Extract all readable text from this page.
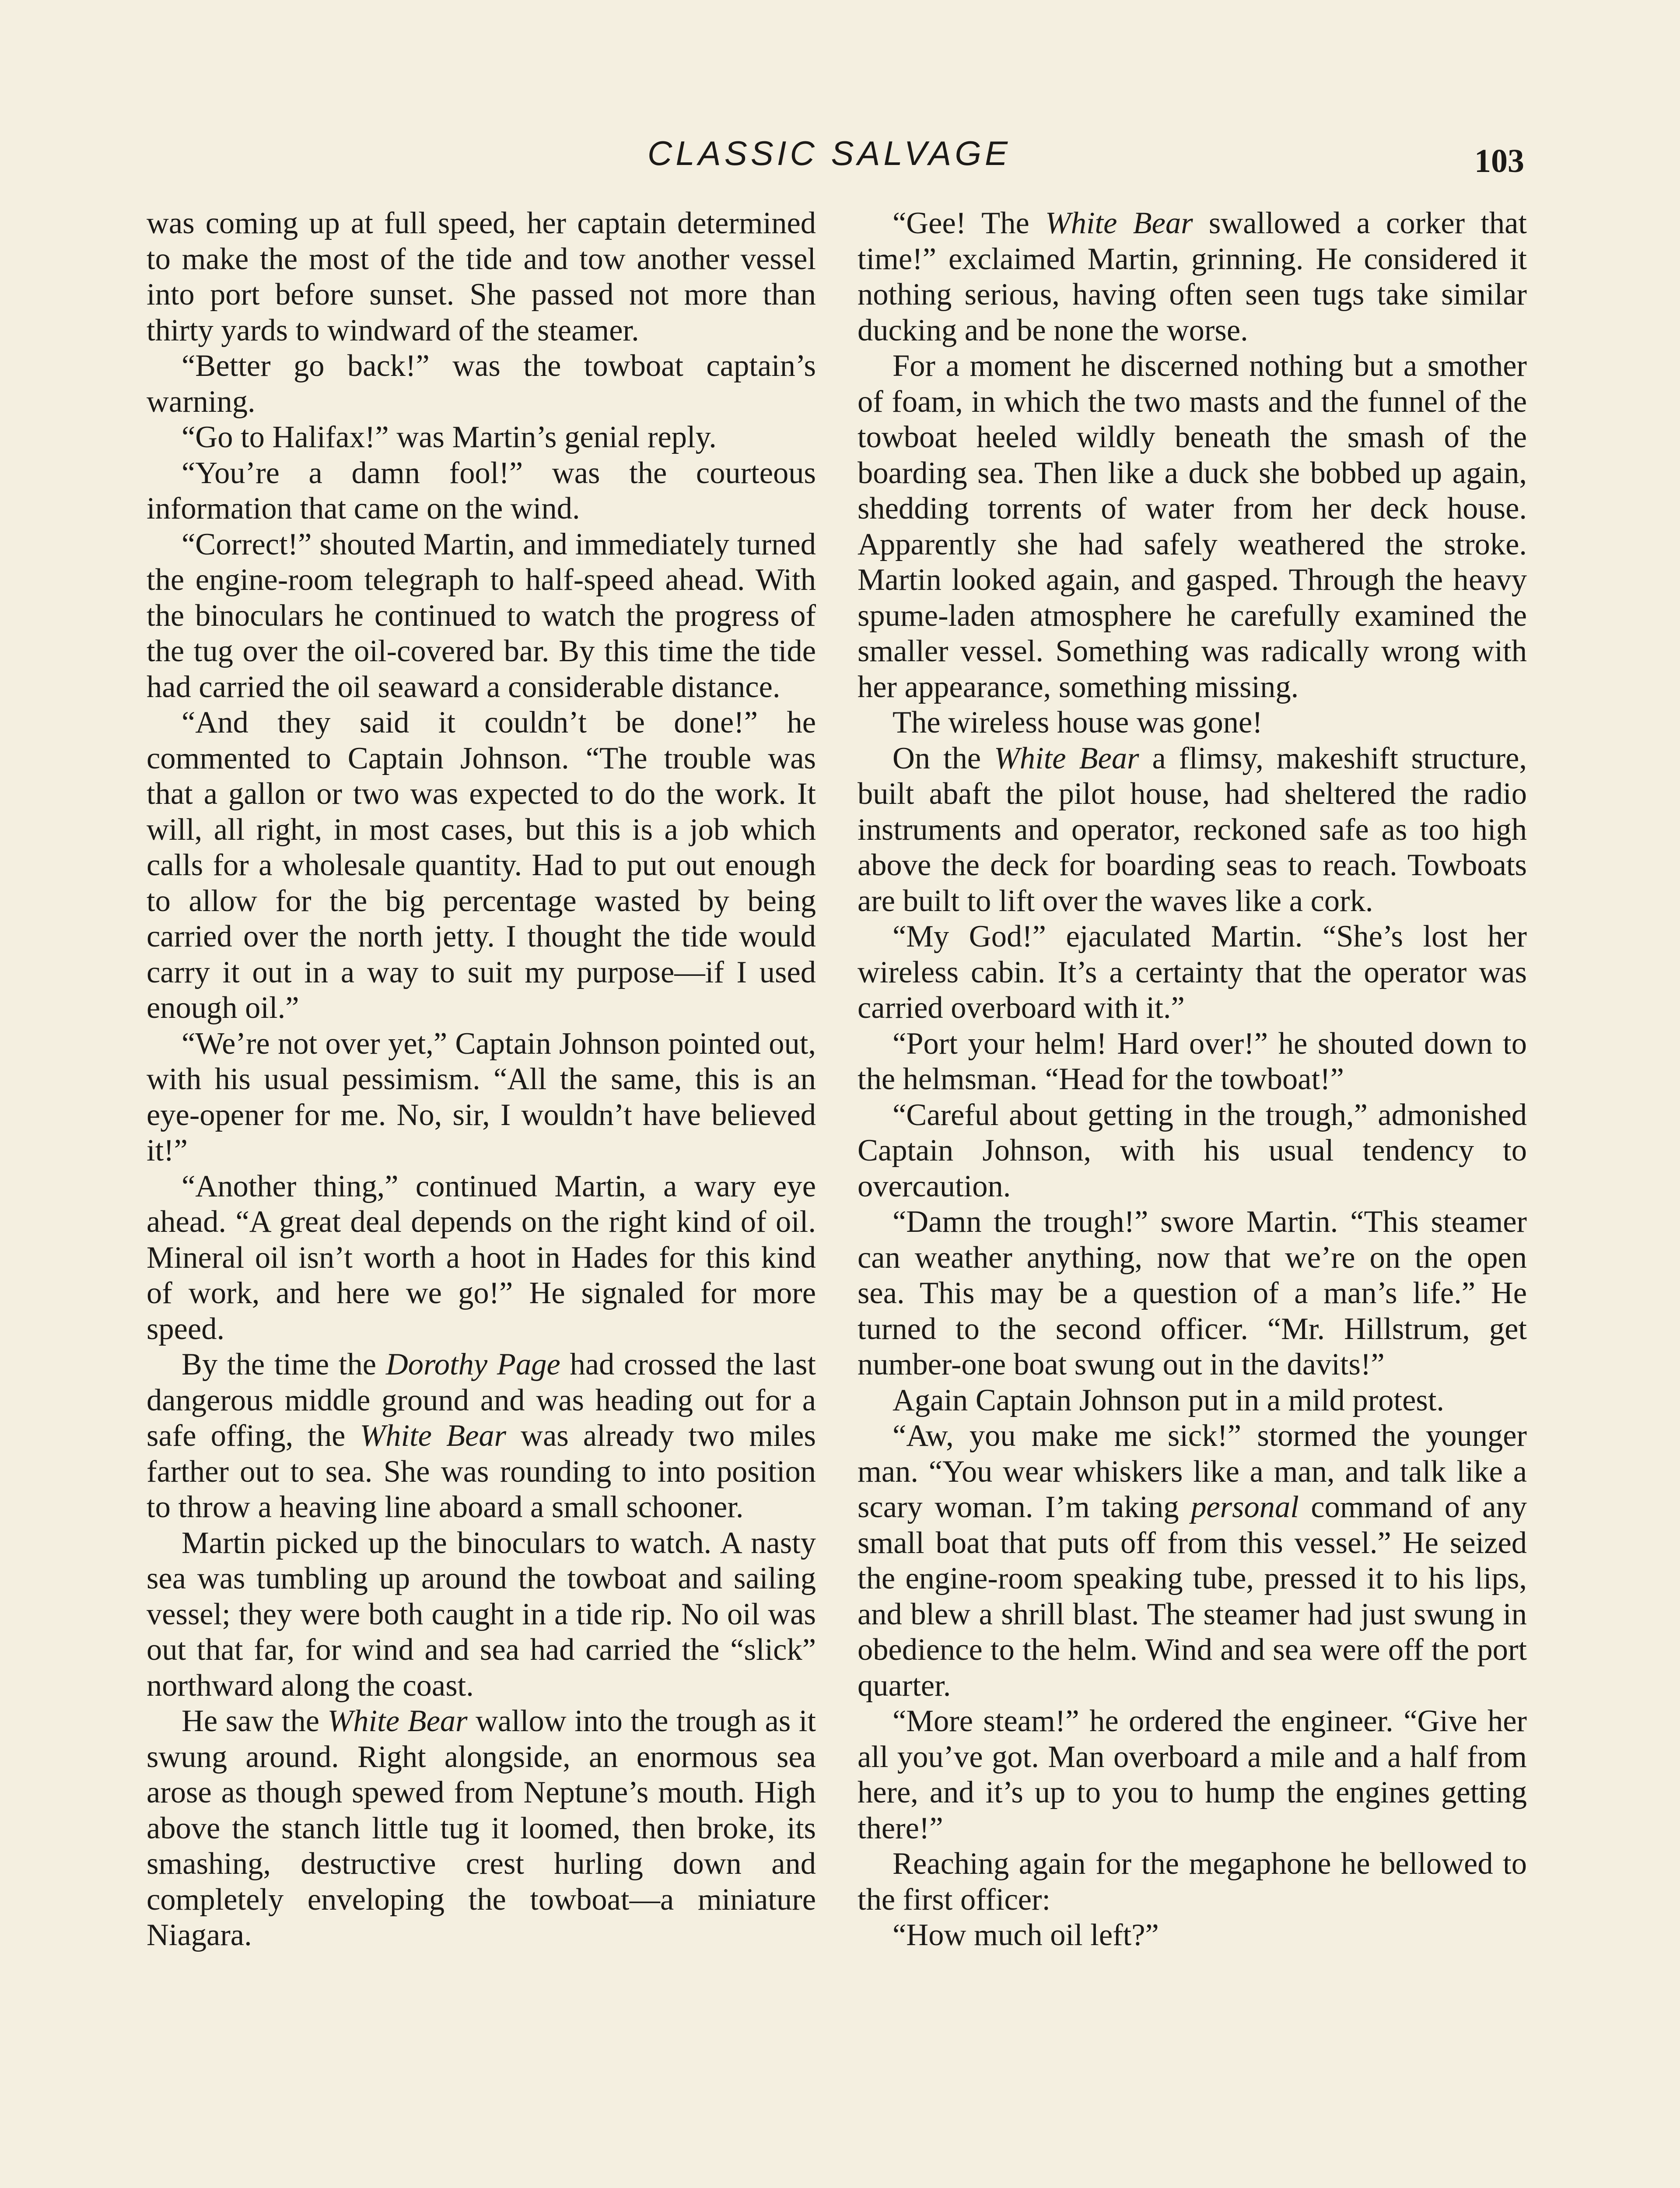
CLASSIC SALVAGE	103

was coming up at full speed, her captain determined to make the most of the tide and tow another vessel into port before sunset. She passed not more than thirty yards to windward of the steamer.

“Better go back!” was the towboat captain’s warning.

“Go to Halifax!” was Martin’s genial reply.

“You’re a damn fool!” was the courteous information that came on the wind.

“Correct!” shouted Martin, and immediately turned the engine-room telegraph to half-speed ahead. With the binoculars he continued to watch the progress of the tug over the oil-covered bar. By this time the tide had carried the oil seaward a considerable distance.

“And they said it couldn’t be done!” he commented to Captain Johnson. “The trouble was that a gallon or two was expected to do the work. It will, all right, in most cases, but this is a job which calls for a wholesale quantity. Had to put out enough to allow for the big percentage wasted by being carried over the north jetty. I thought the tide would carry it out in a way to suit my purpose—if I used enough oil.”

“We’re not over yet,” Captain Johnson pointed out, with his usual pessimism. “All the same, this is an eye-opener for me. No, sir, I wouldn’t have believed it!”

“Another thing,” continued Martin, a wary eye ahead. “A great deal depends on the right kind of oil. Mineral oil isn’t worth a hoot in Hades for this kind of work, and here we go!” He signaled for more speed.

By the time the Dorothy Page had crossed the last dangerous middle ground and was heading out for a safe offing, the White Bear was already two miles farther out to sea. She was rounding to into position to throw a heaving line aboard a small schooner.

Martin picked up the binoculars to watch. A nasty sea was tumbling up around the towboat and sailing vessel; they were both caught in a tide rip. No oil was out that far, for wind and sea had carried the “slick” northward along the coast.

He saw the White Bear wallow into the trough as it swung around. Right alongside, an enormous sea arose as though spewed from Neptune’s mouth. High above the stanch little tug it loomed, then broke, its smashing, destructive crest hurling down and completely enveloping the towboat—a miniature Niagara.

“Gee! The White Bear swallowed a corker that time!” exclaimed Martin, grinning. He considered it nothing serious, having often seen tugs take similar ducking and be none the worse.

For a moment he discerned nothing but a smother of foam, in which the two masts and the funnel of the towboat heeled wildly beneath the smash of the boarding sea. Then like a duck she bobbed up again, shedding torrents of water from her deck house. Apparently she had safely weathered the stroke. Martin looked again, and gasped. Through the heavy spume-laden atmosphere he carefully examined the smaller vessel. Something was radically wrong with her appearance, something missing.

The wireless house was gone!

On the White Bear a flimsy, makeshift structure, built abaft the pilot house, had sheltered the radio instruments and operator, reckoned safe as too high above the deck for boarding seas to reach. Towboats are built to lift over the waves like a cork.

“My God!” ejaculated Martin. “She’s lost her wireless cabin. It’s a certainty that the operator was carried overboard with it.”

“Port your helm! Hard over!” he shouted down to the helmsman. “Head for the towboat!”

“Careful about getting in the trough,” admonished Captain Johnson, with his usual tendency to overcaution.

“Damn the trough!” swore Martin. “This steamer can weather anything, now that we’re on the open sea. This may be a question of a man’s life.” He turned to the second officer. “Mr. Hillstrum, get number-one boat swung out in the davits!”

Again Captain Johnson put in a mild protest.

“Aw, you make me sick!” stormed the younger man. “You wear whiskers like a man, and talk like a scary woman. I’m taking personal command of any small boat that puts off from this vessel.” He seized the engine-room speaking tube, pressed it to his lips, and blew a shrill blast. The steamer had just swung in obedience to the helm. Wind and sea were off the port quarter.

“More steam!” he ordered the engineer. “Give her all you’ve got. Man overboard a mile and a half from here, and it’s up to you to hump the engines getting there!”

Reaching again for the megaphone he bellowed to the first officer:

“How much oil left?”
